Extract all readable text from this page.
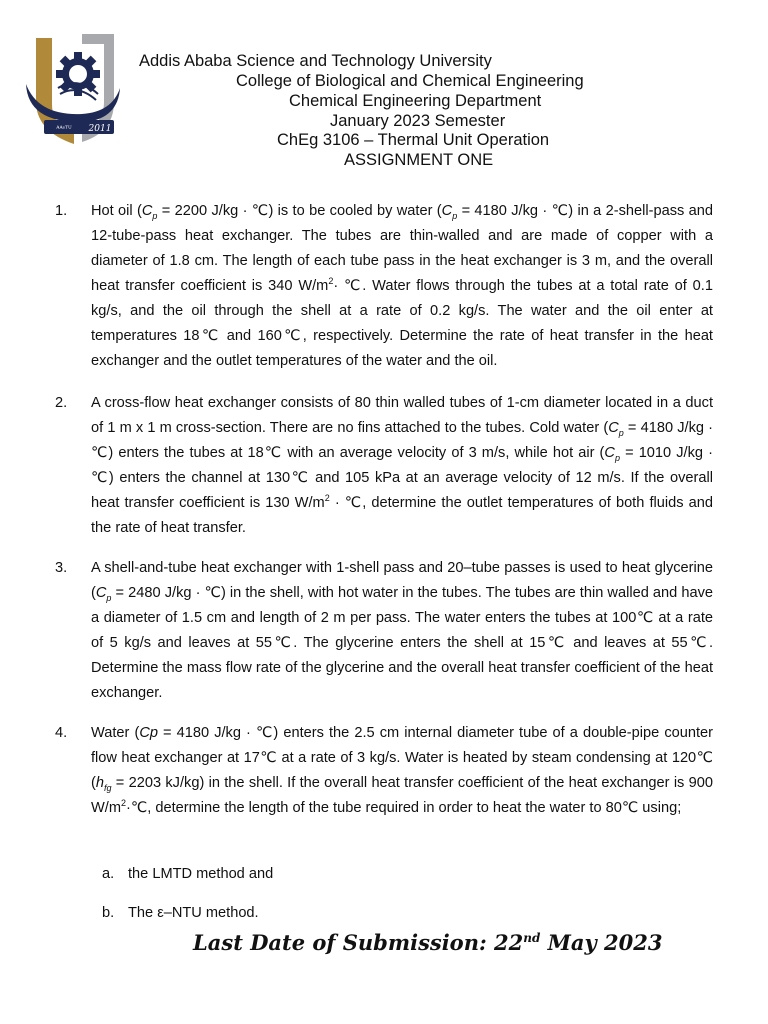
2011
ᴬᴬˢᵀᵁ
Addis Ababa Science and Technology University
College of Biological and Chemical Engineering
Chemical Engineering Department
January 2023 Semester
ChEg 3106 – Thermal Unit Operation
ASSIGNMENT ONE
1.	Hot oil ($C_p = 2200$ J/kg · ℃) is to be cooled by water ($C_p = 4180$ J/kg · ℃) in a 2-shell-pass and 12-tube-pass heat exchanger. The tubes are thin-walled and are made of copper with a diameter of 1.8 cm. The length of each tube pass in the heat exchanger is 3 m, and the overall heat transfer coefficient is 340 $W/m^2\cdot$ ℃. Water flows through the tubes at a total rate of 0.1 kg/s, and the oil through the shell at a rate of 0.2 kg/s. The water and the oil enter at temperatures 18℃ and 160℃, respectively. Determine the rate of heat transfer in the heat exchanger and the outlet temperatures of the water and the oil.
2.	A cross-flow heat exchanger consists of 80 thin walled tubes of 1-cm diameter located in a duct of 1 m x 1 m cross-section. There are no fins attached to the tubes. Cold water ($C_p = 4180$ J/kg · ℃) enters the tubes at 18℃ with an average velocity of 3 m/s, while hot air ($C_p = 1010$ J/kg · ℃) enters the channel at 130℃ and 105 kPa at an average velocity of 12 m/s. If the overall heat transfer coefficient is 130 $W/m^2$ · ℃, determine the outlet temperatures of both fluids and the rate of heat transfer.
3.	A shell-and-tube heat exchanger with 1-shell pass and 20–tube passes is used to heat glycerine ($C_p = 2480$ J/kg · ℃) in the shell, with hot water in the tubes. The tubes are thin walled and have a diameter of 1.5 cm and length of 2 m per pass. The water enters the tubes at 100℃ at a rate of 5 kg/s and leaves at 55℃. The glycerine enters the shell at 15℃ and leaves at 55℃. Determine the mass flow rate of the glycerine and the overall heat transfer coefficient of the heat exchanger.
4.	Water (Cp = 4180 J/kg · ℃) enters the 2.5 cm internal diameter tube of a double-pipe counter flow heat exchanger at 17℃ at a rate of 3 kg/s. Water is heated by steam condensing at 120℃ ($h_{fg} = 2203$ kJ/kg) in the shell. If the overall heat transfer coefficient of the heat exchanger is 900 $W/m^2\cdot℃$, determine the length of the tube required in order to heat the water to 80℃ using;
a. the LMTD method and
b. The ε–NTU method.
Last Date of Submission: 22nd May 2023
